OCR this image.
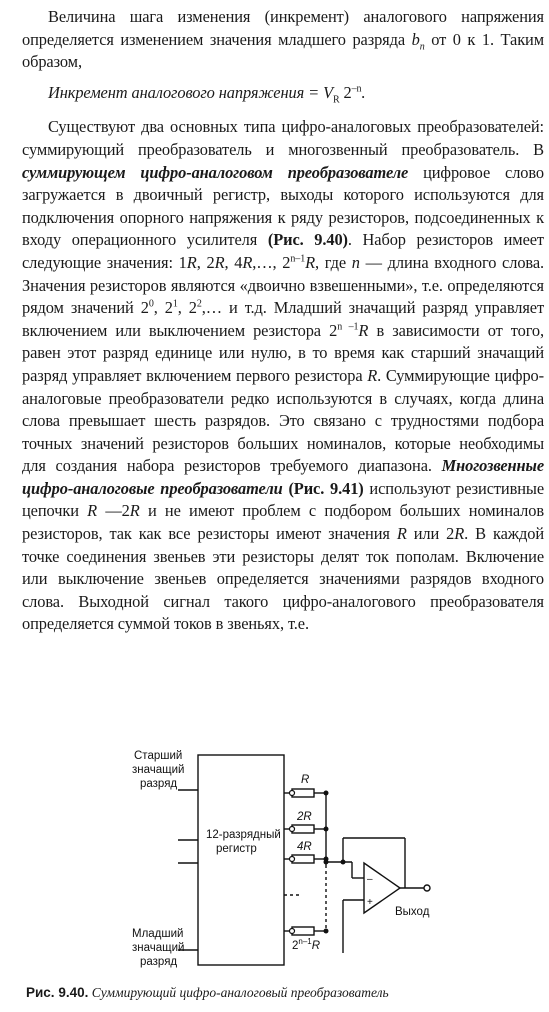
Величина шага изменения (инкремент) аналогового напряжения определяется изменением значения младшего разряда $b_n$ от 0 к 1. Таким образом,

Инкремент аналогового напряжения = $V_R$ $2^{-n}$.

Существуют два основных типа цифро-аналоговых преобразователей: суммирующий преобразователь и многозвенный преобразователь. В суммирующем цифро-аналоговом преобразователе цифровое слово загружается в двоичный регистр, выходы которого используются для подключения опорного напряжения к ряду резисторов, подсоединенных к входу операционного усилителя (Рис. 9.40). Набор резисторов имеет следующие значения: 1R, 2R, 4R,…, 2$^{n-1}$R, где n — длина входного слова. Значения резисторов являются «двоично взвешенными», т.е. определяются рядом значений $2^0$, $2^1$, $2^2,\dots$ и т.д. Младший значащий разряд управляет включением или выключением резистора 2$^{n -1}$R в зависимости от того, равен этот разряд единице или нулю, в то время как старший значащий разряд управляет включением первого резистора R. Суммирующие цифро-аналоговые преобразователи редко используются в случаях, когда длина слова превышает шесть разрядов. Это связано с трудностями подбора точных значений резисторов больших номиналов, которые необходимы для создания набора резисторов требуемого диапазона. Многозвенные цифро-аналоговые преобразователи (Рис. 9.41) используют резистивные цепочки R —2R и не имеют проблем с подбором больших номиналов резисторов, так как все резисторы имеют значения R или 2R. В каждой точке соединения звеньев эти резисторы делят ток пополам. Включение или выключение звеньев определяется значениями разрядов входного слова. Выходной сигнал такого цифро-аналогового преобразователя определяется суммой токов в звеньях, т.е.

–
+
Старший
значащий
разряд
Младший
значащий
разряд
12-разрядный
регистр
R
2R
4R
2$^{n-1}$R
Выход
Рис. 9.40. Суммирующий цифро-аналоговый преобразователь
